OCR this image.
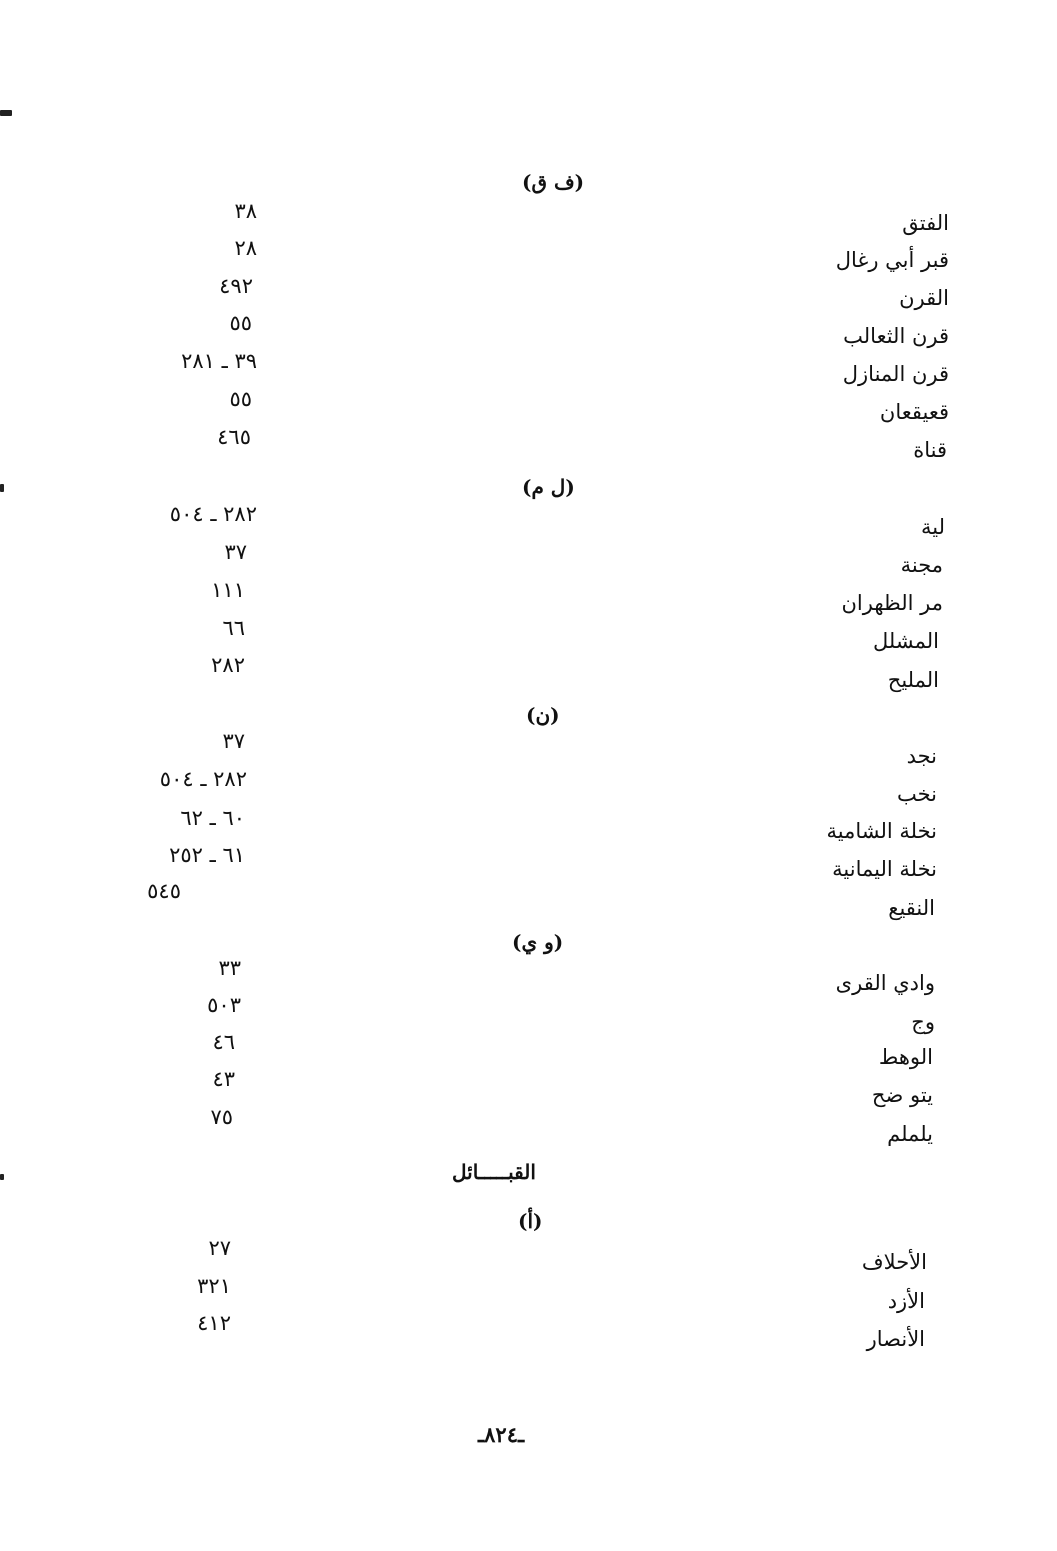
(ف ق)
الفتق
٣٨
قبر أبي رغال
٢٨
القرن
٤٩٢
قرن الثعالب
٥٥
قرن المنازل
٣٩ ـ ٢٨١
قعيقعان
٥٥
قناة
٤٦٥
(ل م)
لية
٢٨٢ ـ ٥٠٤
مجنة
٣٧
مر الظهران
١١١
المشلل
٦٦
المليح
٢٨٢
(ن)
نجد
٣٧
نخب
٢٨٢ ـ ٥٠٤
نخلة الشامية
٦٠ ـ ٦٢
نخلة اليمانية
٦١ ـ ٢٥٢
النقيع
٥٤٥
(و ي)
وادي القرى
٣٣
وج
٥٠٣
الوهط
٤٦
يتو ضح
٤٣
يلملم
٧٥
القبـــــائل
(أ)
الأحلاف
٢٧
الأزد
٣٢١
الأنصار
٤١٢
ـ٨٢٤ـ
